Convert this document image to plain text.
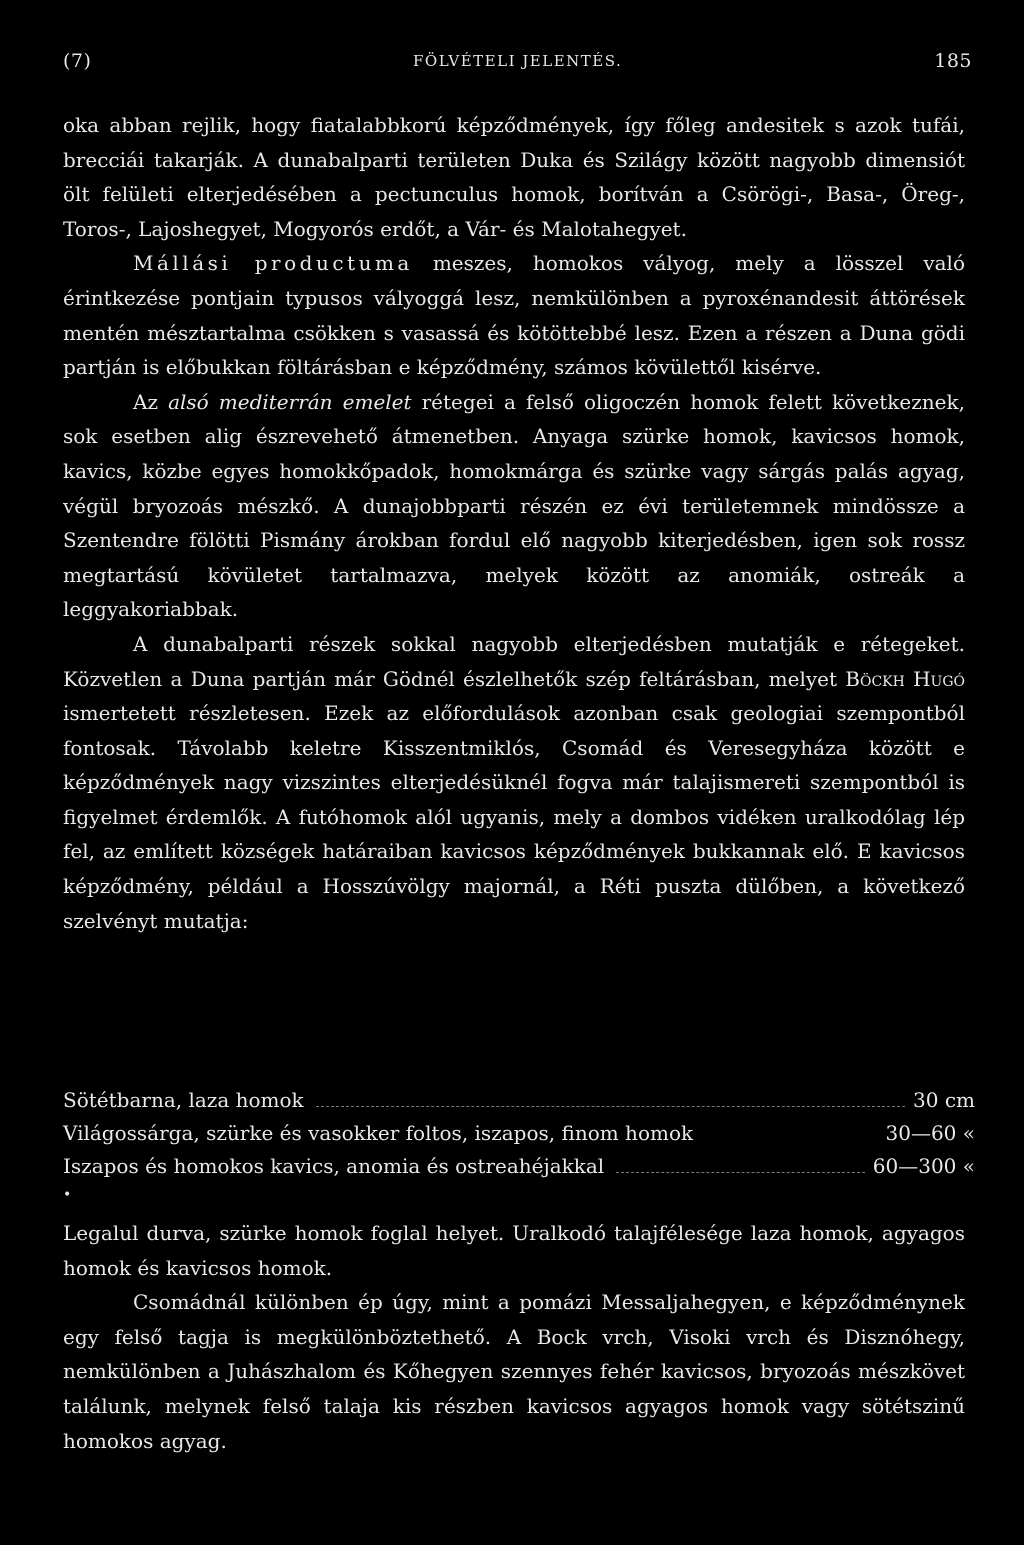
(7)	FÖLVÉTELI JELENTÉS.	185

oka abban rejlik, hogy fiatalabbkorú képződmények, így főleg andesitek s azok tufái, brecciái takarják. A dunabalparti területen Duka és Szilágy között nagyobb dimensiót ölt felületi elterjedésében a pectunculus homok, borítván a Csörögi-, Basa-, Öreg-, Toros-, Lajoshegyet, Mogyorós erdőt, a Vár- és Malotahegyet.

Mállási productuma meszes, homokos vályog, mely a lösszel való érintkezése pontjain typusos vályoggá lesz, nemkülönben a pyroxénandesit áttörések mentén mésztartalma csökken s vasassá és kötöttebbé lesz. Ezen a részen a Duna gödi partján is előbukkan föltárásban e képződmény, számos kövülettől kisérve.

Az alsó mediterrán emelet rétegei a felső oligoczén homok felett következnek, sok esetben alig észrevehető átmenetben. Anyaga szürke homok, kavicsos homok, kavics, közbe egyes homokkőpadok, homokmárga és szürke vagy sárgás palás agyag, végül bryozoás mészkő. A dunajobbparti részén ez évi területemnek mindössze a Szentendre fölötti Pismány árokban fordul elő nagyobb kiterjedésben, igen sok rossz megtartású kövületet tartalmazva, melyek között az anomiák, ostreák a leggyakoriabbak.

A dunabalparti részek sokkal nagyobb elterjedésben mutatják e rétegeket. Közvetlen a Duna partján már Gödnél észlelhetők szép feltárásban, melyet Böckh Hugó ismertetett részletesen. Ezek az előfordulások azonban csak geologiai szempontból fontosak. Távolabb keletre Kisszentmiklós, Csomád és Veresegyháza között e képződmények nagy vizszintes elterjedésüknél fogva már talajismereti szempontból is figyelmet érdemlők. A futóhomok alól ugyanis, mely a dombos vidéken uralkodólag lép fel, az említett községek határaiban kavicsos képződmények bukkannak elő. E kavicsos képződmény, például a Hosszúvölgy majornál, a Réti puszta dülőben, a következő szelvényt mutatja:

Sötétbarna, laza homok	30 cm
Világossárga, szürke és vasokker foltos, iszapos, finom homok	30—60 «
Iszapos és homokos kavics, anomia és ostreahéjakkal	60—300 «
•

Legalul durva, szürke homok foglal helyet. Uralkodó talajfélesége laza homok, agyagos homok és kavicsos homok.

Csomádnál különben ép úgy, mint a pomázi Messaljahegyen, e képződménynek egy felső tagja is megkülönböztethető. A Bock vrch, Visoki vrch és Disznóhegy, nemkülönben a Juhászhalom és Kőhegyen szennyes fehér kavicsos, bryozoás mészkövet találunk, melynek felső talaja kis részben kavicsos agyagos homok vagy sötétszinű homokos agyag.
